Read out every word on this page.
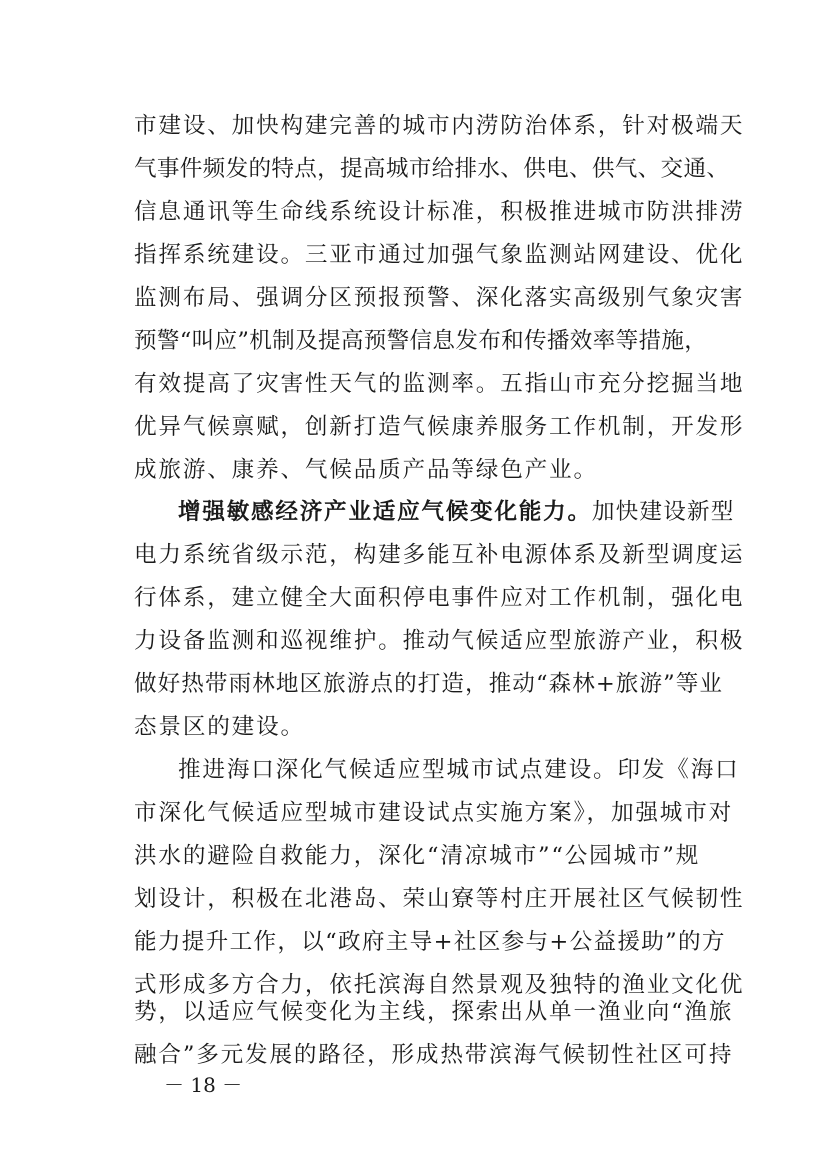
市建设、加快构建完善的城市内涝防治体系，针对极端天
气事件频发的特点，提高城市给排水、供电、供气、交通、
信息通讯等生命线系统设计标准，积极推进城市防洪排涝
指挥系统建设。三亚市通过加强气象监测站网建设、优化
监测布局、强调分区预报预警、深化落实高级别气象灾害
预警“叫应”机制及提高预警信息发布和传播效率等措施，
有效提高了灾害性天气的监测率。五指山市充分挖掘当地
优异气候禀赋，创新打造气候康养服务工作机制，开发形
成旅游、康养、气候品质产品等绿色产业。
增强敏感经济产业适应气候变化能力。加快建设新型
电力系统省级示范，构建多能互补电源体系及新型调度运
行体系，建立健全大面积停电事件应对工作机制，强化电
力设备监测和巡视维护。推动气候适应型旅游产业，积极
做好热带雨林地区旅游点的打造，推动“森林+旅游”等业
态景区的建设。
推进海口深化气候适应型城市试点建设。印发《海口
市深化气候适应型城市建设试点实施方案》，加强城市对
洪水的避险自救能力，深化“清凉城市”“公园城市”规
划设计，积极在北港岛、荣山寮等村庄开展社区气候韧性
能力提升工作，以“政府主导+社区参与+公益援助”的方
式形成多方合力，依托滨海自然景观及独特的渔业文化优
势，以适应气候变化为主线，探索出从单一渔业向“渔旅
融合”多元发展的路径，形成热带滨海气候韧性社区可持
－ 18 －
